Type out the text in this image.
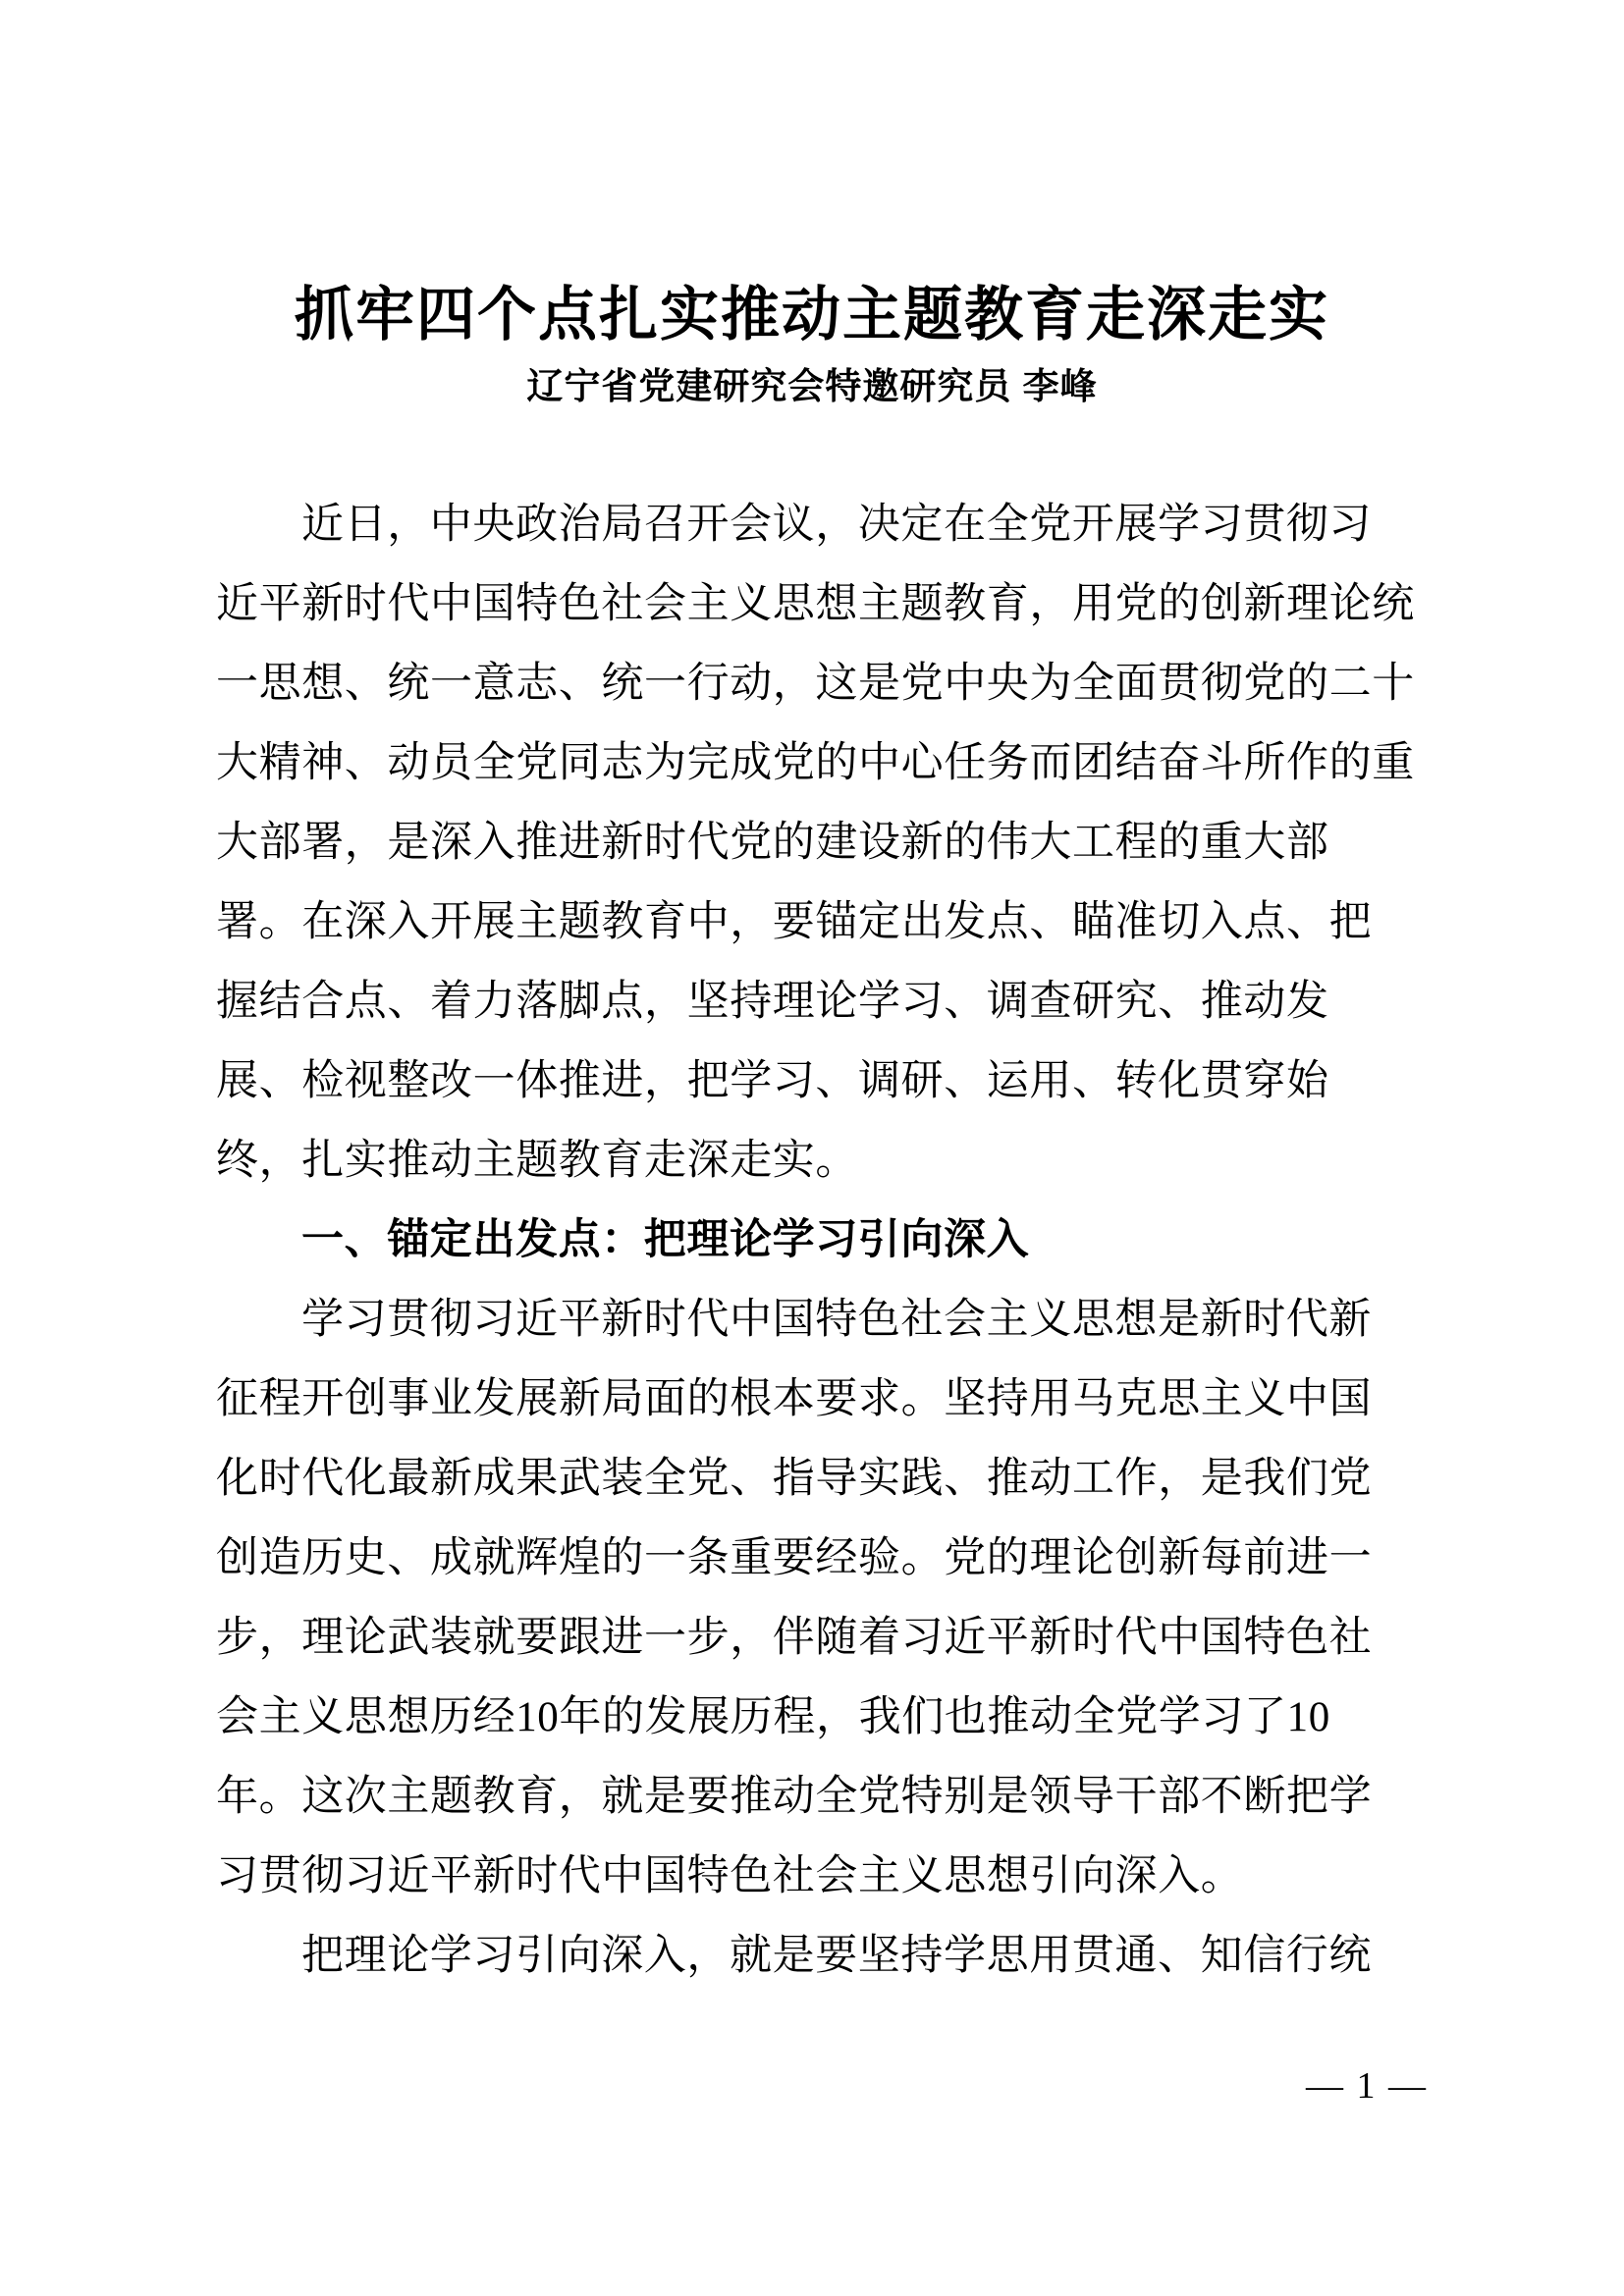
抓牢四个点扎实推动主题教育走深走实
辽宁省党建研究会特邀研究员 李峰
近日，中央政治局召开会议，决定在全党开展学习贯彻习
近平新时代中国特色社会主义思想主题教育，用党的创新理论统
一思想、统一意志、统一行动，这是党中央为全面贯彻党的二十
大精神、动员全党同志为完成党的中心任务而团结奋斗所作的重
大部署，是深入推进新时代党的建设新的伟大工程的重大部
署。在深入开展主题教育中，要锚定出发点、瞄准切入点、把
握结合点、着力落脚点，坚持理论学习、调查研究、推动发
展、检视整改一体推进，把学习、调研、运用、转化贯穿始
终，扎实推动主题教育走深走实。
一、锚定出发点：把理论学习引向深入
学习贯彻习近平新时代中国特色社会主义思想是新时代新
征程开创事业发展新局面的根本要求。坚持用马克思主义中国
化时代化最新成果武装全党、指导实践、推动工作，是我们党
创造历史、成就辉煌的一条重要经验。党的理论创新每前进一
步，理论武装就要跟进一步，伴随着习近平新时代中国特色社
会主义思想历经10年的发展历程，我们也推动全党学习了10
年。这次主题教育，就是要推动全党特别是领导干部不断把学
习贯彻习近平新时代中国特色社会主义思想引向深入。
把理论学习引向深入，就是要坚持学思用贯通、知信行统
— 1 —
